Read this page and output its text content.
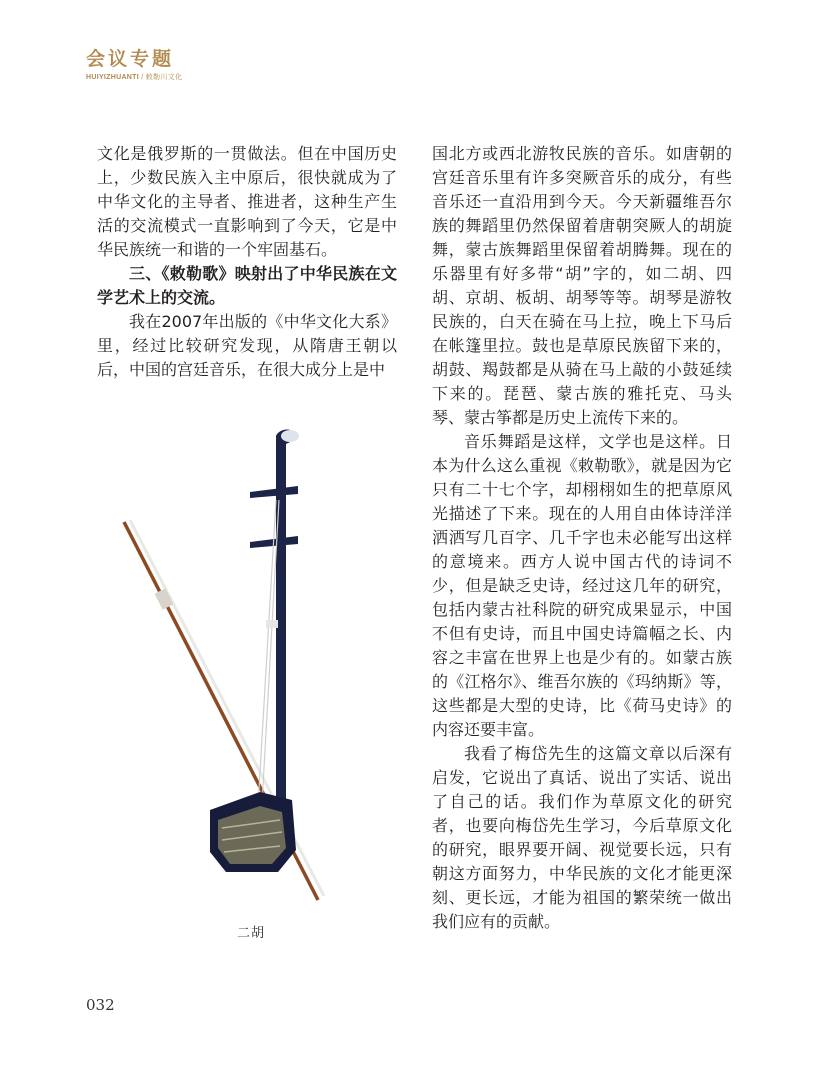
会议专题
HUIYIZHUANTI / 敕勒川文化

文化是俄罗斯的一贯做法。但在中国历史上，少数民族入主中原后，很快就成为了中华文化的主导者、推进者，这种生产生活的交流模式一直影响到了今天，它是中华民族统一和谐的一个牢固基石。

三、《敕勒歌》映射出了中华民族在文学艺术上的交流。

我在2007年出版的《中华文化大系》里，经过比较研究发现，从隋唐王朝以后，中国的宫廷音乐，在很大成分上是中

国北方或西北游牧民族的音乐。如唐朝的宫廷音乐里有许多突厥音乐的成分，有些音乐还一直沿用到今天。今天新疆维吾尔族的舞蹈里仍然保留着唐朝突厥人的胡旋舞，蒙古族舞蹈里保留着胡腾舞。现在的乐器里有好多带“胡”字的，如二胡、四胡、京胡、板胡、胡琴等等。胡琴是游牧民族的，白天在骑在马上拉，晚上下马后在帐篷里拉。鼓也是草原民族留下来的，胡鼓、羯鼓都是从骑在马上敲的小鼓延续下来的。琵琶、蒙古族的雅托克、马头琴、蒙古筝都是历史上流传下来的。

音乐舞蹈是这样，文学也是这样。日本为什么这么重视《敕勒歌》，就是因为它只有二十七个字，却栩栩如生的把草原风光描述了下来。现在的人用自由体诗洋洋洒洒写几百字、几千字也未必能写出这样的意境来。西方人说中国古代的诗词不少，但是缺乏史诗，经过这几年的研究，包括内蒙古社科院的研究成果显示，中国不但有史诗，而且中国史诗篇幅之长、内容之丰富在世界上也是少有的。如蒙古族的《江格尔》、维吾尔族的《玛纳斯》等，这些都是大型的史诗，比《荷马史诗》的内容还要丰富。

我看了梅岱先生的这篇文章以后深有启发，它说出了真话、说出了实话、说出了自己的话。我们作为草原文化的研究者，也要向梅岱先生学习，今后草原文化的研究，眼界要开阔、视觉要长远，只有朝这方面努力，中华民族的文化才能更深刻、更长远，才能为祖国的繁荣统一做出我们应有的贡献。

二胡
032
